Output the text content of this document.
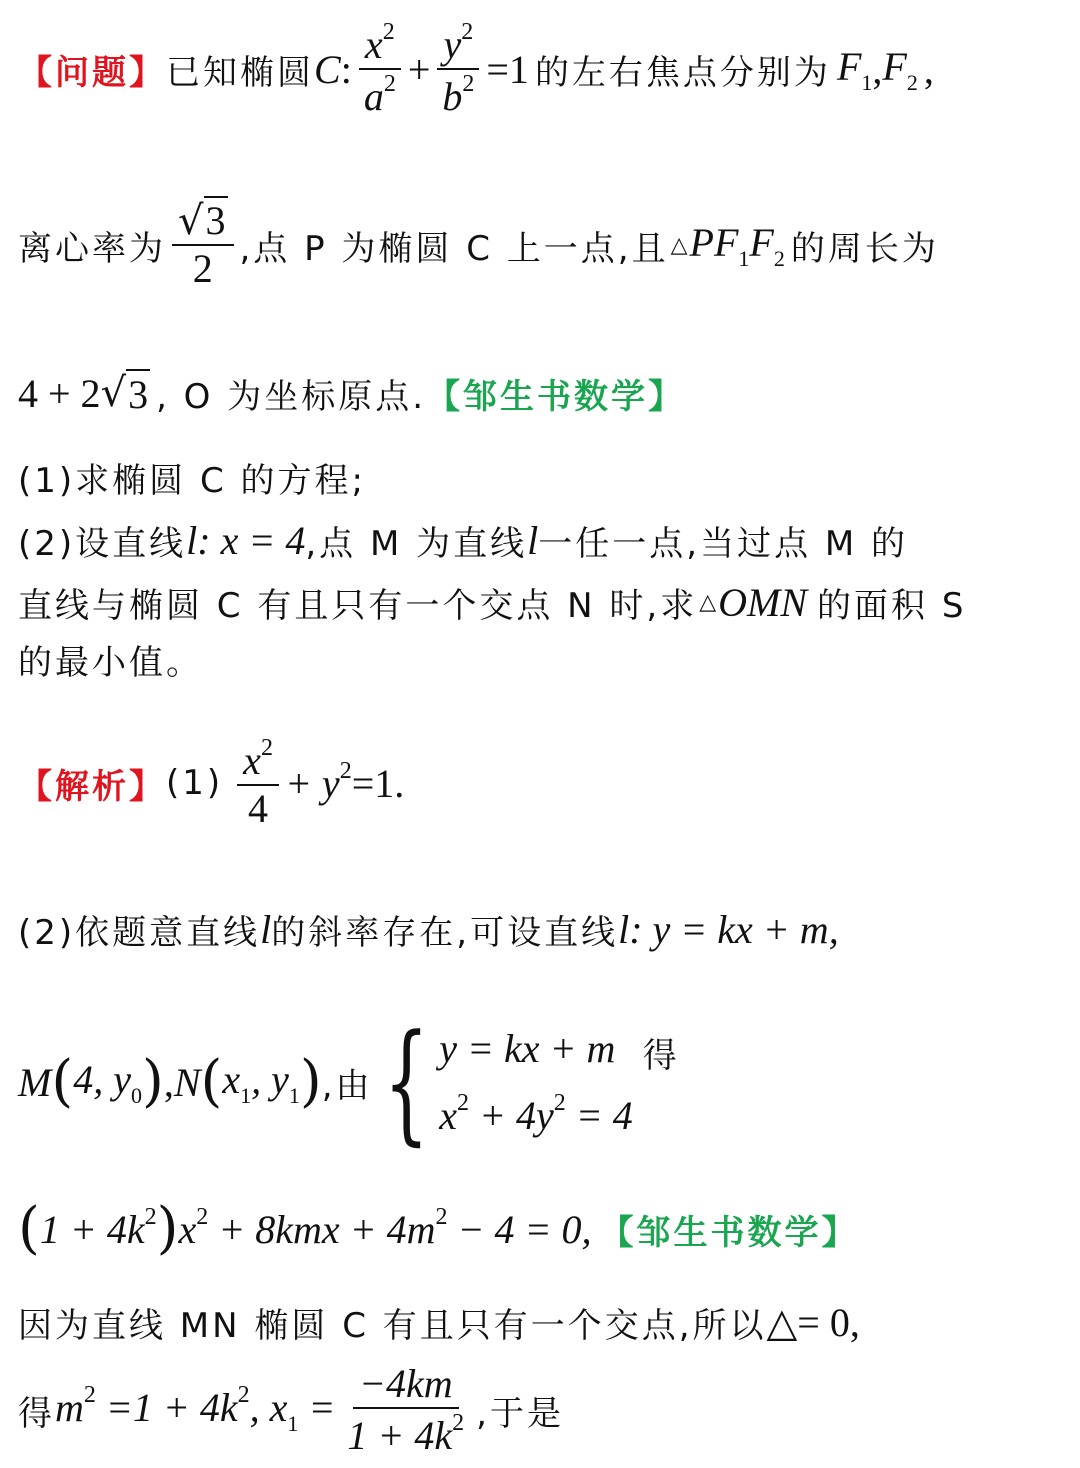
【问题】 已知椭圆 C : $\frac{x^2}{a^2} + \frac{y^2}{b^2} =1$ 的左右焦点分别为 $F_1$ , $F_2$ ,
离心率为 $\frac{√3}{2}$ ,点 P 为椭圆 C 上一点,且 △ $PF_1F_2$ 的周长为
4 + 2 √ 3 , O 为坐标原点. 【邹生书数学】
(1)求椭圆 C 的方程;
(2)设直线 l : x = 4 ,点 M 为直线 l 一任一点,当过点 M 的
直线与椭圆 C 有且只有一个交点 N 时,求 △ OMN 的面积 S
的最小值。
【解析】 $(1) \frac{x^2}{4} + y^2 =1$.
(2)依题意直线 l 的斜率存在,可设直线 l : y = kx + m,
M ( 4, $y_0$ ) , N ( $x_1$, $y_1$ ) ,由 { y = kx + m
$x^2 + 4y^2 = 4$
得
( $1 + 4k^2$ ) $x^2 + 8kmx + 4m^2 - 4 = 0$, 【邹生书数学】
因为直线 MN 椭圆 C 有且只有一个交点,所以 △= 0,
得 $m^2 =1 + 4k^2$, $x_1 = \frac{-4km}{1 + 4k^2}$ ,于是
